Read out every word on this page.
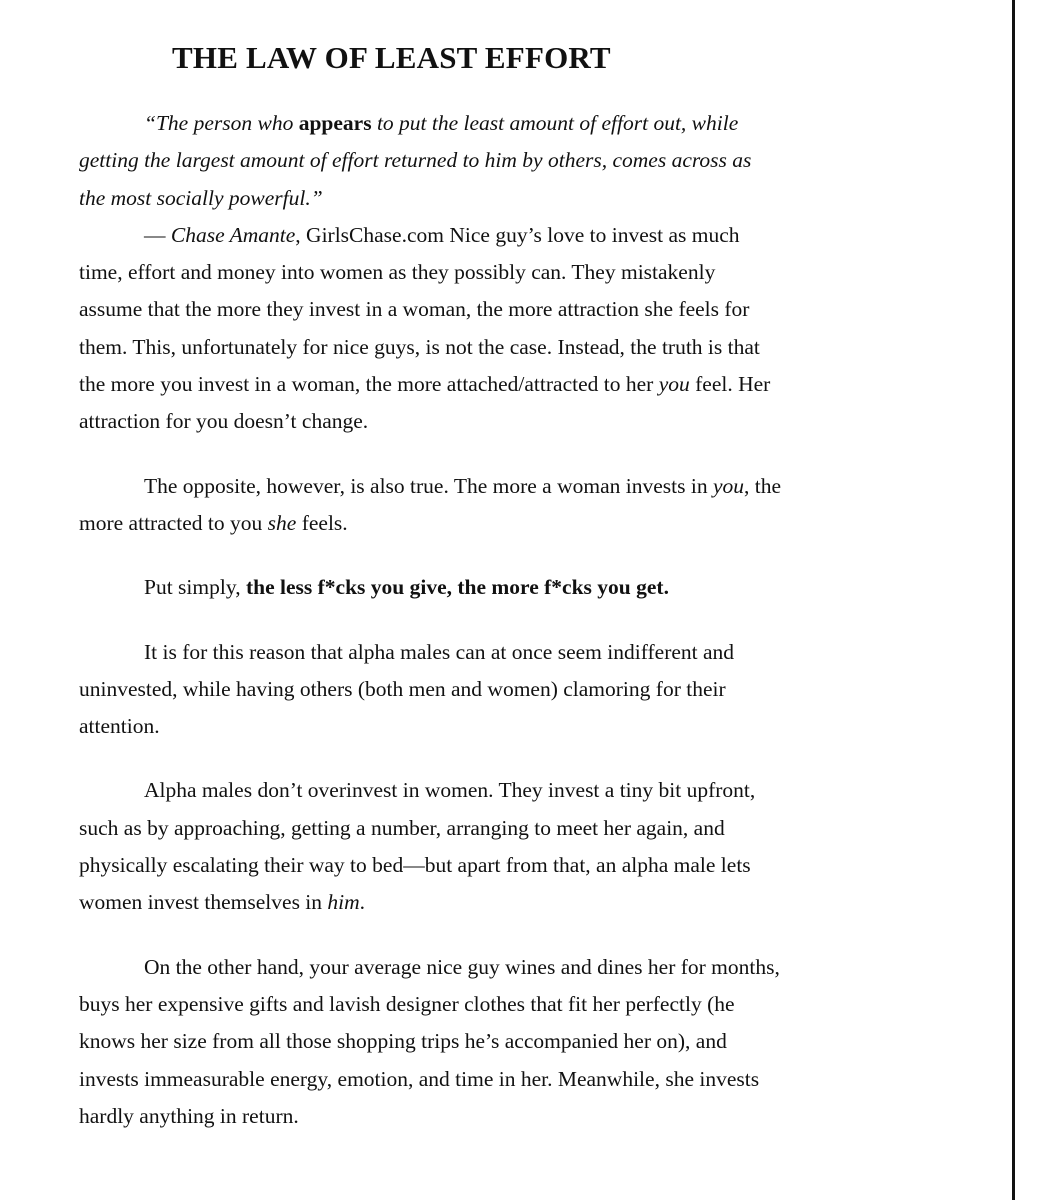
THE LAW OF LEAST EFFORT

“The person who appears to put the least amount of effort out, while
getting the largest amount of effort returned to him by others, comes across as
the most socially powerful.”

— Chase Amante, GirlsChase.com Nice guy’s love to invest as much
time, effort and money into women as they possibly can. They mistakenly
assume that the more they invest in a woman, the more attraction she feels for
them. This, unfortunately for nice guys, is not the case. Instead, the truth is that
the more you invest in a woman, the more attached/attracted to her you feel. Her
attraction for you doesn’t change.

The opposite, however, is also true. The more a woman invests in you, the
more attracted to you she feels.

Put simply, the less f*cks you give, the more f*cks you get.

It is for this reason that alpha males can at once seem indifferent and
uninvested, while having others (both men and women) clamoring for their
attention.

Alpha males don’t overinvest in women. They invest a tiny bit upfront,
such as by approaching, getting a number, arranging to meet her again, and
physically escalating their way to bed—but apart from that, an alpha male lets
women invest themselves in him.

On the other hand, your average nice guy wines and dines her for months,
buys her expensive gifts and lavish designer clothes that fit her perfectly (he
knows her size from all those shopping trips he’s accompanied her on), and
invests immeasurable energy, emotion, and time in her. Meanwhile, she invests
hardly anything in return.
